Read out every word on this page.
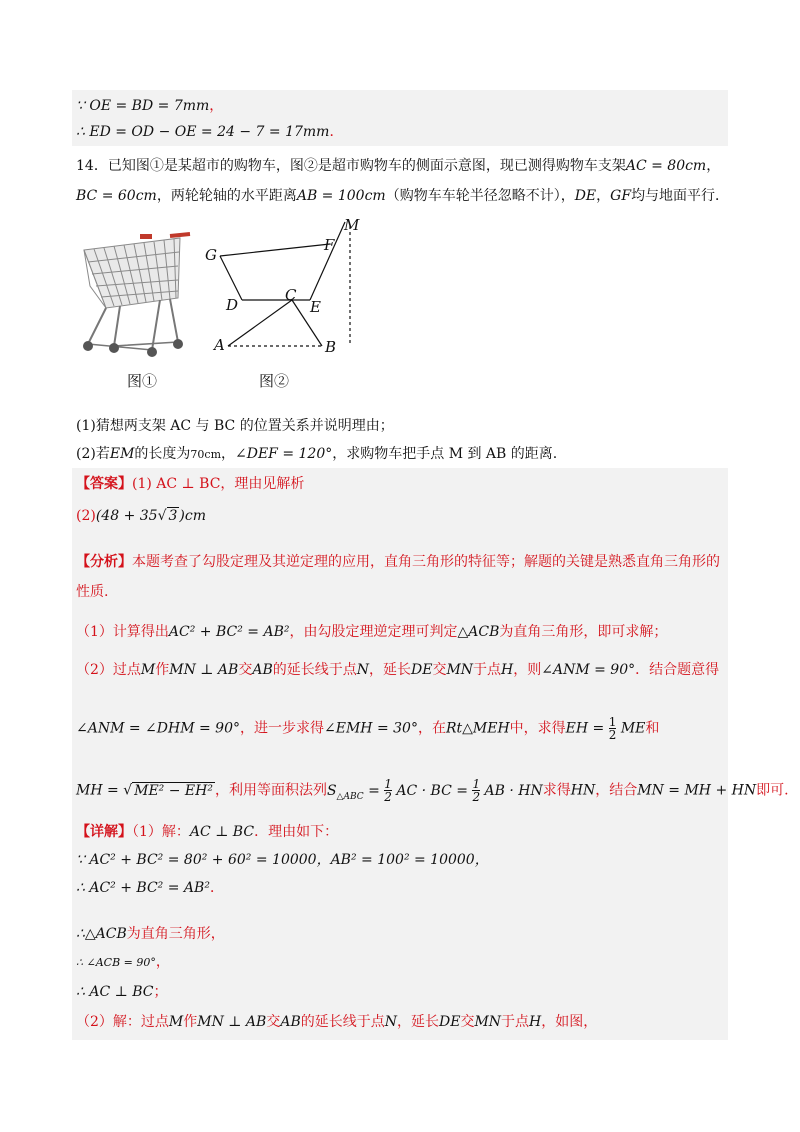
∵ OE = BD = 7mm，
∴ ED = OD − OE = 24 − 7 = 17mm．
14．已知图①是某超市的购物车，图②是超市购物车的侧面示意图，现已测得购物车支架AC = 80cm，
BC = 60cm，两轮轮轴的水平距离AB = 100cm（购物车车轮半径忽略不计），DE，GF均与地面平行．
G
F
M
D
C
E
A	B
图①	图②
(1)猜想两支架 AC 与 BC 的位置关系并说明理由；
(2)若EM的长度为70cm，∠DEF = 120°，求购物车把手点 M 到 AB 的距离.
【答案】(1) AC ⊥ BC，理由见解析
(2)(48 + 35√ 3 )cm
【分析】本题考查了勾股定理及其逆定理的应用，直角三角形的特征等；解题的关键是熟悉直角三角形的
性质.
（1）计算得出AC² + BC² = AB²，由勾股定理逆定理可判定△ACB为直角三角形，即可求解；
（2）过点M作MN ⊥ AB交AB的延长线于点N，延长DE交MN于点H，则∠ANM = 90°．结合题意得
∠ANM = ∠DHM = 90°，进一步求得∠EMH = 30°，在Rt△MEH中，求得EH = $\frac{1}{2}$ ME和
MH = √ ME² − EH² ，利用等面积法列$S_{\triangle ABC} = \frac{1}{2}$ AC · BC = $\frac{1}{2}$ AB · HN求得HN，结合MN = MH + HN即可.
【详解】（1）解：AC ⊥ BC．理由如下：
∵ AC² + BC² = 80² + 60² = 10000，AB² = 100² = 10000，
∴ AC² + BC² = AB²．
∴△ACB为直角三角形，
∴ ∠ACB = 90°，
∴ AC ⊥ BC；
（2）解：过点M作MN ⊥ AB交AB的延长线于点N，延长DE交MN于点H，如图，
